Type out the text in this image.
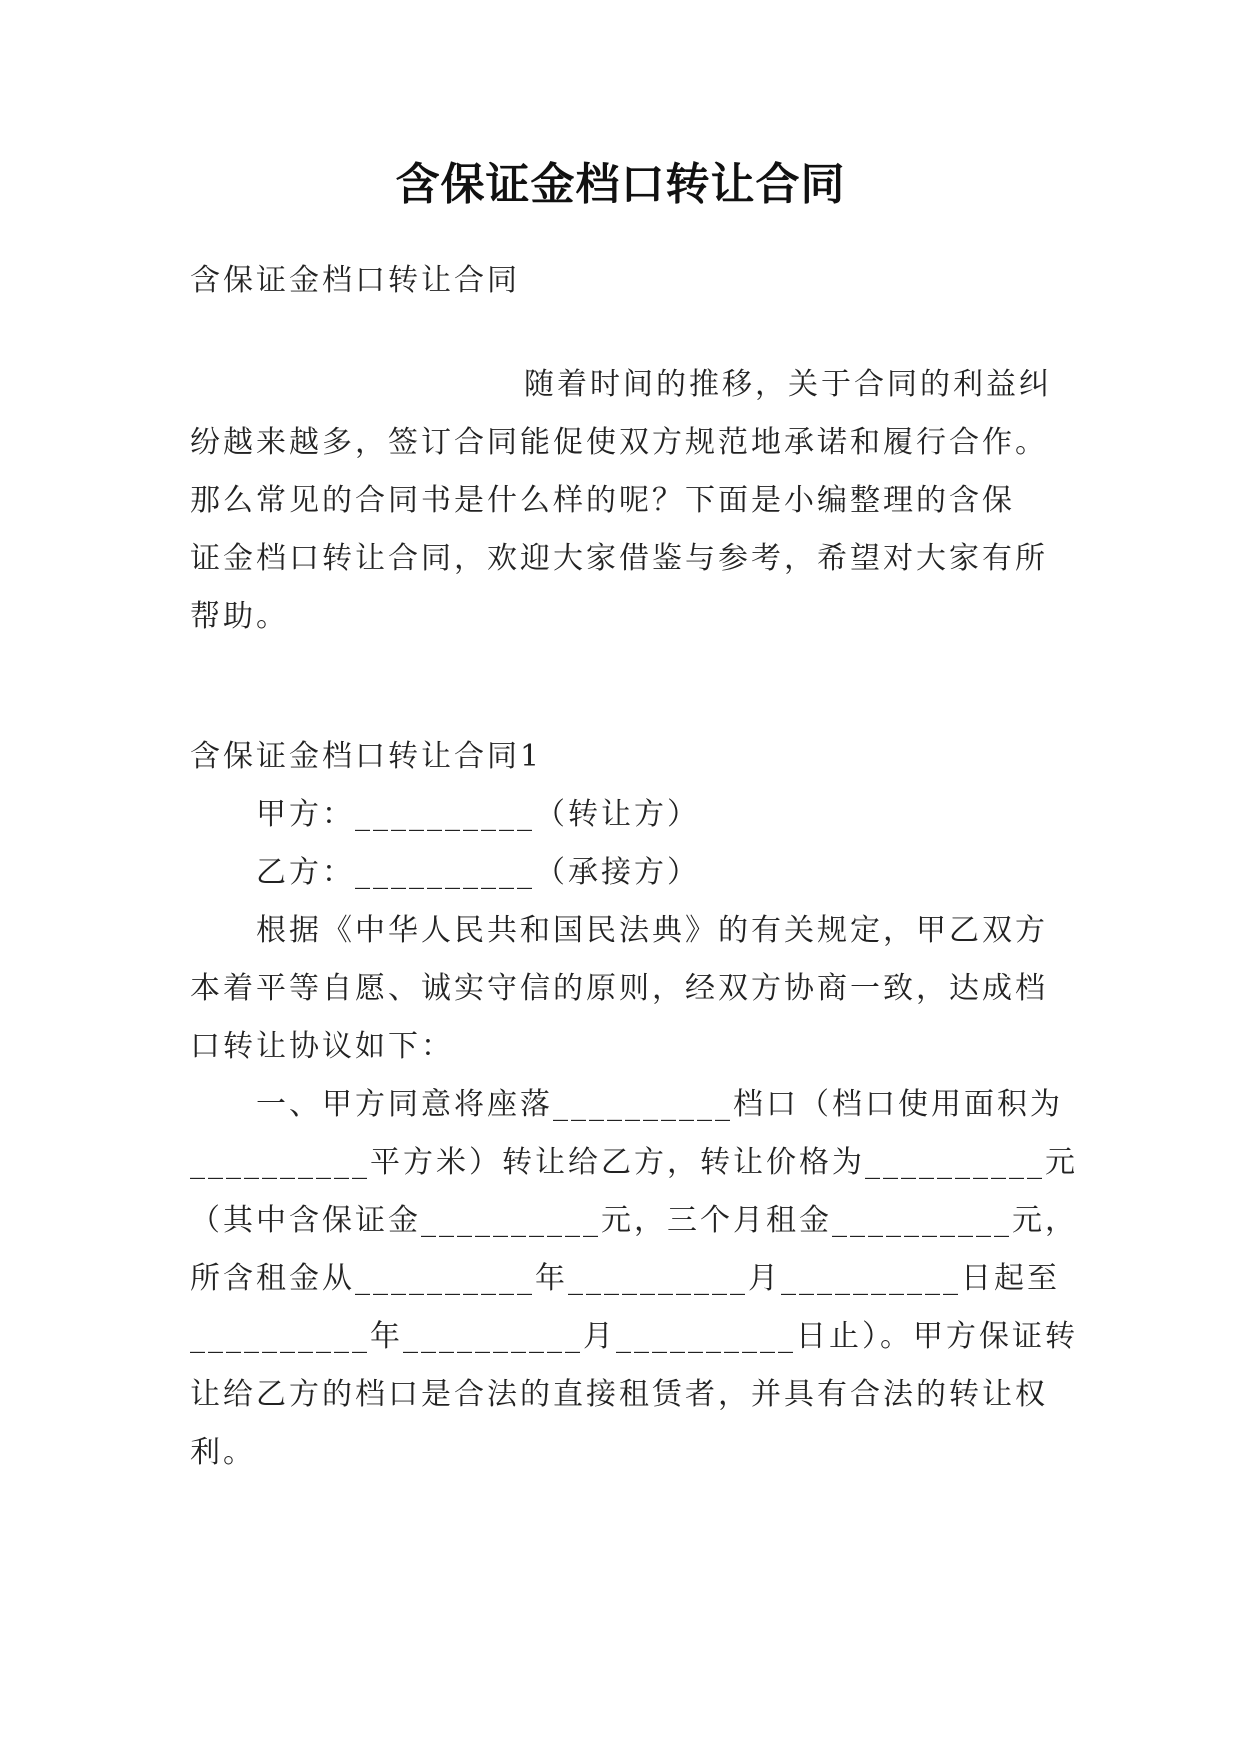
含保证金档口转让合同
含保证金档口转让合同
随着时间的推移，关于合同的利益纠
纷越来越多，签订合同能促使双方规范地承诺和履行合作。
那么常见的合同书是什么样的呢？下面是小编整理的含保
证金档口转让合同，欢迎大家借鉴与参考，希望对大家有所
帮助。
含保证金档口转让合同1
甲方：__________（转让方）
乙方：__________（承接方）
根据《中华人民共和国民法典》的有关规定，甲乙双方
本着平等自愿、诚实守信的原则，经双方协商一致，达成档
口转让协议如下：
一、甲方同意将座落__________档口（档口使用面积为
__________平方米）转让给乙方，转让价格为__________元
（其中含保证金__________元，三个月租金__________元，
所含租金从__________年__________月__________日起至
__________年__________月__________日止）。甲方保证转
让给乙方的档口是合法的直接租赁者，并具有合法的转让权
利。
